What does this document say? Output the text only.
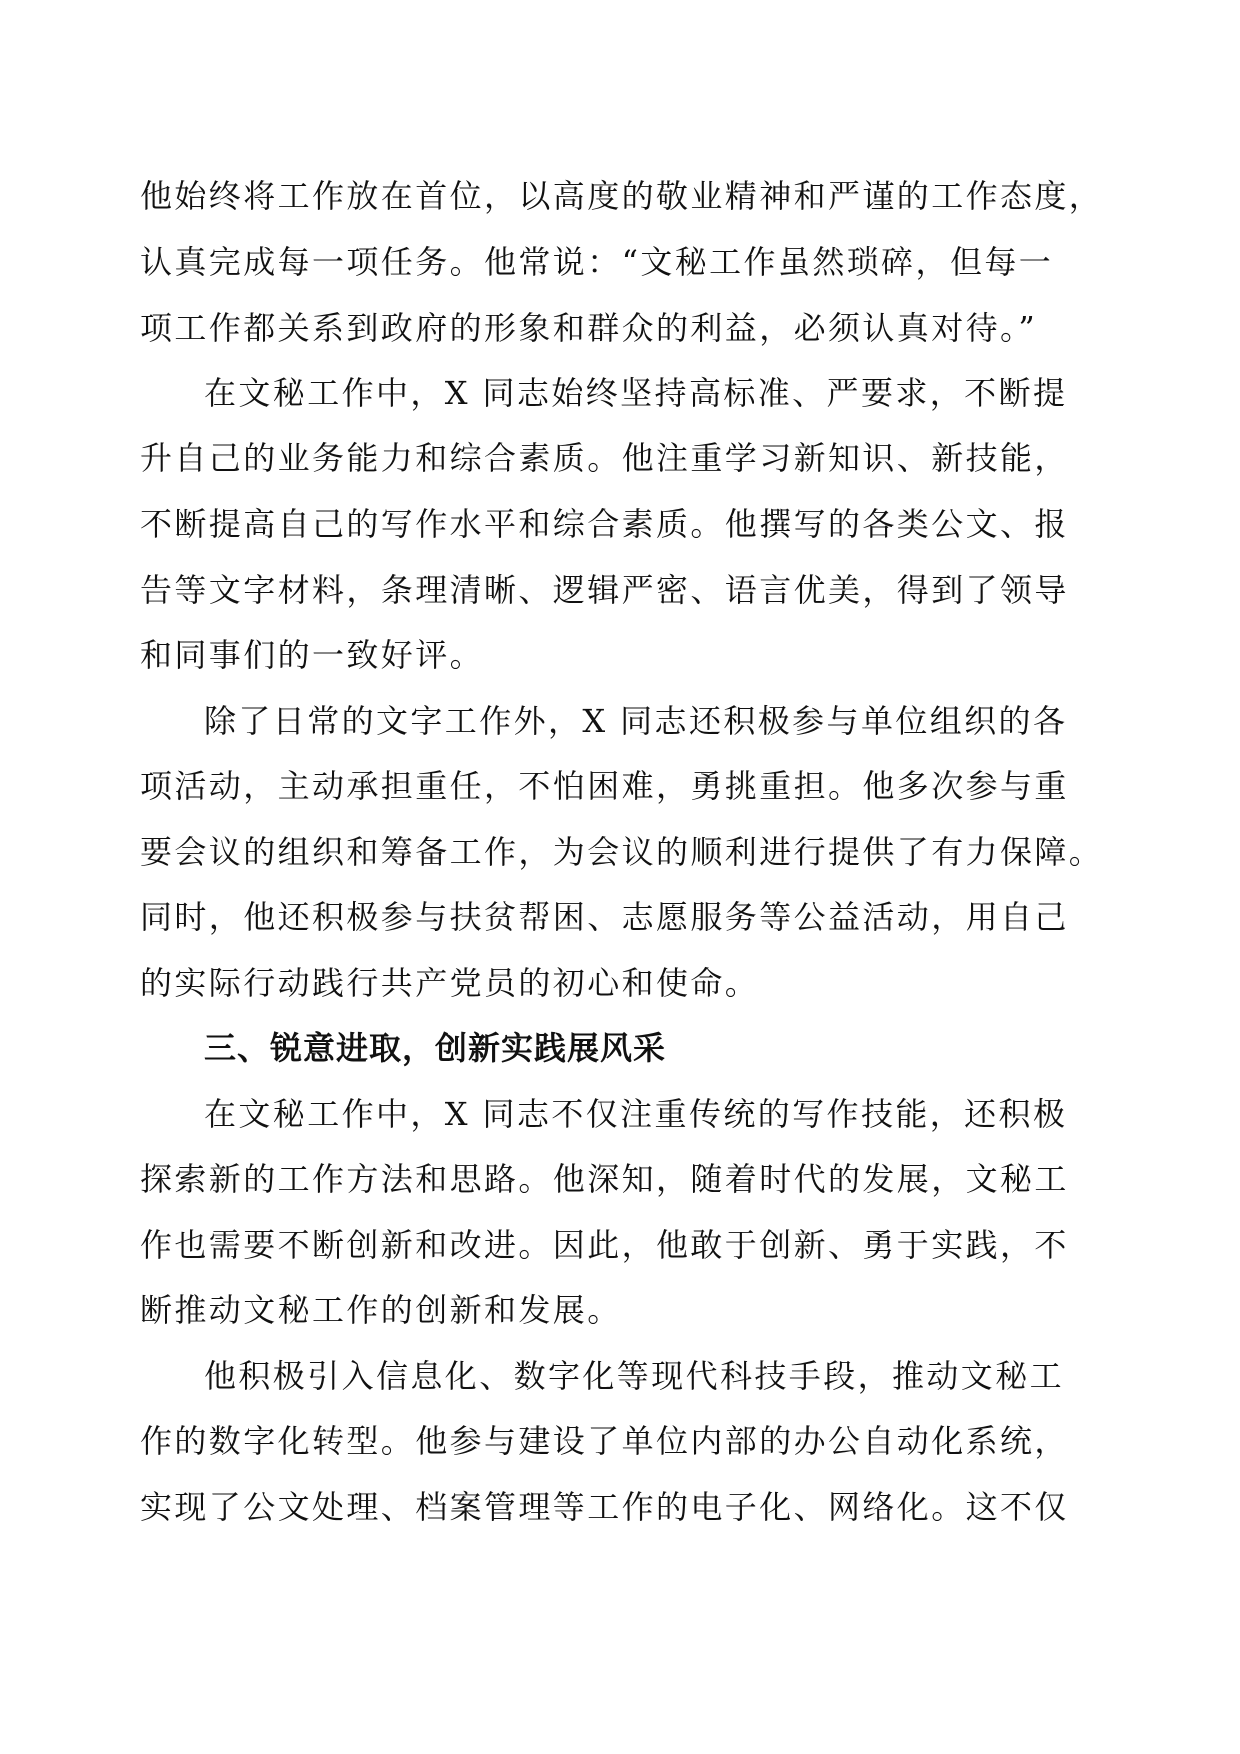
他始终将工作放在首位，以高度的敬业精神和严谨的工作态度，
认真完成每一项任务。他常说：“文秘工作虽然琐碎，但每一
项工作都关系到政府的形象和群众的利益，必须认真对待。”
在文秘工作中，X 同志始终坚持高标准、严要求，不断提
升自己的业务能力和综合素质。他注重学习新知识、新技能，
不断提高自己的写作水平和综合素质。他撰写的各类公文、报
告等文字材料，条理清晰、逻辑严密、语言优美，得到了领导
和同事们的一致好评。
除了日常的文字工作外，X 同志还积极参与单位组织的各
项活动，主动承担重任，不怕困难，勇挑重担。他多次参与重
要会议的组织和筹备工作，为会议的顺利进行提供了有力保障。
同时，他还积极参与扶贫帮困、志愿服务等公益活动，用自己
的实际行动践行共产党员的初心和使命。
三、锐意进取，创新实践展风采
在文秘工作中，X 同志不仅注重传统的写作技能，还积极
探索新的工作方法和思路。他深知，随着时代的发展，文秘工
作也需要不断创新和改进。因此，他敢于创新、勇于实践，不
断推动文秘工作的创新和发展。
他积极引入信息化、数字化等现代科技手段，推动文秘工
作的数字化转型。他参与建设了单位内部的办公自动化系统，
实现了公文处理、档案管理等工作的电子化、网络化。这不仅
